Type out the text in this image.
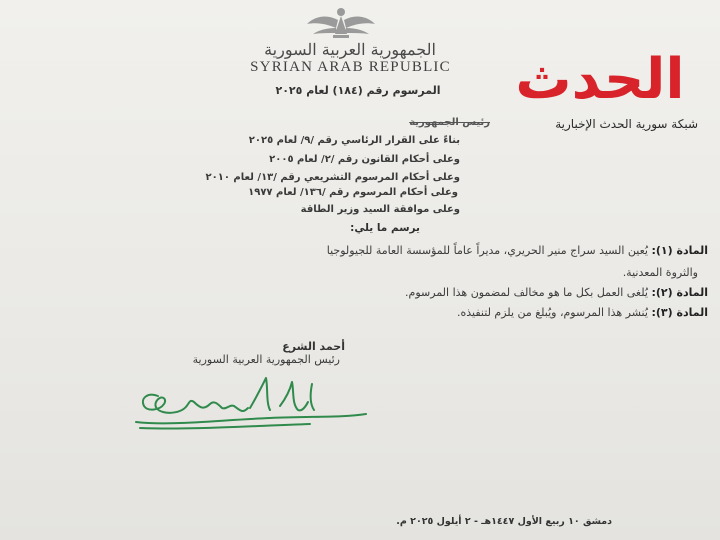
الجمهورية العربية السورية
SYRIAN ARAB REPUBLIC
المرسوم رقم (١٨٤) لعام ٢٠٢٥	الحدث
شبكة سورية الحدث الإخبارية
رئيس الجمهورية
بناءً على القرار الرئاسي رقم /٩/ لعام ٢٠٢٥
وعلى أحكام القانون رقم /٢/ لعام ٢٠٠٥
وعلى أحكام المرسوم التشريعي رقم /١٣/ لعام ٢٠١٠
وعلى أحكام المرسوم رقم /١٣٦/ لعام ١٩٧٧
وعلى موافقة السيد وزير الطاقة
يرسم ما يلي:
المادة (١): يُعين السيد سراج منير الحريري، مديراً عاماً للمؤسسة العامة للجيولوجيا
والثروة المعدنية.
المادة (٢): يُلغى العمل بكل ما هو مخالف لمضمون هذا المرسوم.
المادة (٣): يُنشر هذا المرسوم، ويُبلغ من يلزم لتنفيذه.
أحمد الشرع
رئيس الجمهورية العربية السورية
دمشق ١٠ ربيع الأول ١٤٤٧هـ - ٢ أيلول ٢٠٢٥ م.
